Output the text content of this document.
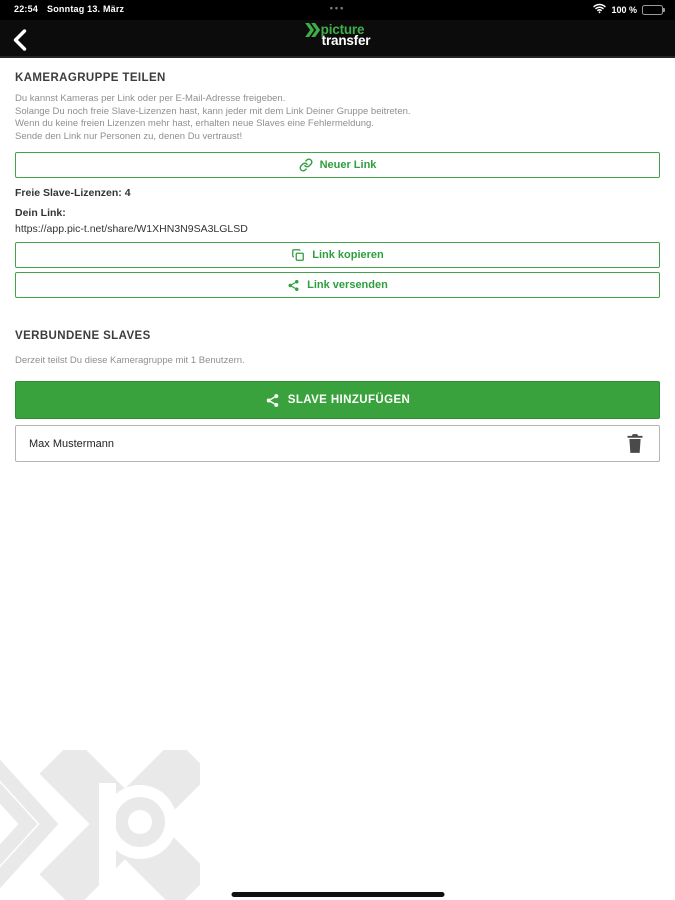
22:54 Sonntag 13. März	•••	100 %
picture
transfer
KAMERAGRUPPE TEILEN
Du kannst Kameras per Link oder per E-Mail-Adresse freigeben.
Solange Du noch freie Slave-Lizenzen hast, kann jeder mit dem Link Deiner Gruppe beitreten.
Wenn du keine freien Lizenzen mehr hast, erhalten neue Slaves eine Fehlermeldung.
Sende den Link nur Personen zu, denen Du vertraust!
Neuer Link
Freie Slave-Lizenzen: 4
Dein Link:
https://app.pic-t.net/share/W1XHN3N9SA3LGLSD
Link kopieren
Link versenden
VERBUNDENE SLAVES
Derzeit teilst Du diese Kameragruppe mit 1 Benutzern.
SLAVE HINZUFÜGEN
Max Mustermann
